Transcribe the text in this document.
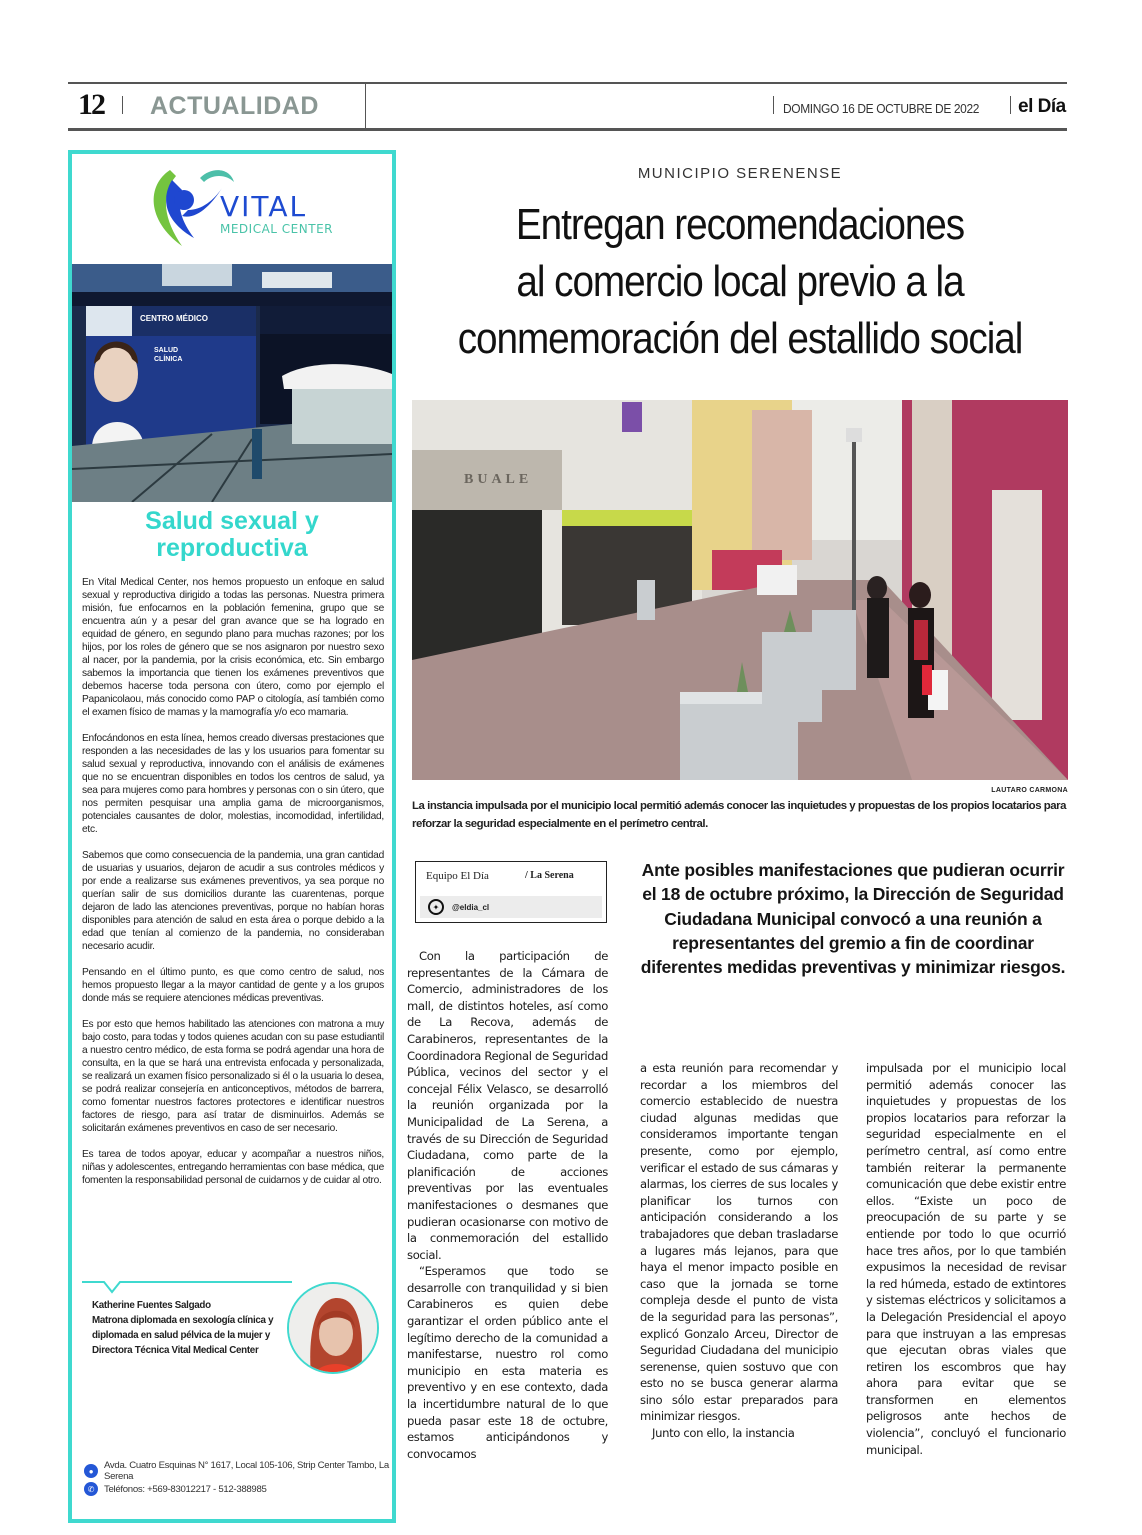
12 ACTUALIDAD	DOMINGO 16 DE OCTUBRE DE 2022 el Día
VITAL
MEDICAL CENTER
CENTRO MÉDICO
SALUD CLÍNICA
Salud sexual y
reproductiva

En Vital Medical Center, nos hemos propuesto un enfoque en salud sexual y reproductiva dirigido a todas las personas. Nuestra primera misión, fue enfocarnos en la población femenina, grupo que se encuentra aún y a pesar del gran avance que se ha logrado en equidad de género, en segundo plano para muchas razones; por los hijos, por los roles de género que se nos asignaron por nuestro sexo al nacer, por la pandemia, por la crisis económica, etc. Sin embargo sabemos la importancia que tienen los exámenes preventivos que debemos hacerse toda persona con útero, como por ejemplo el Papanicolaou, más conocido como PAP o citología, así también como el examen físico de mamas y la mamografía y/o eco mamaria.

Enfocándonos en esta línea, hemos creado diversas prestaciones que responden a las necesidades de las y los usuarios para fomentar su salud sexual y reproductiva, innovando con el análisis de exámenes que no se encuentran disponibles en todos los centros de salud, ya sea para mujeres como para hombres y personas con o sin útero, que nos permiten pesquisar una amplia gama de microorganismos, potenciales causantes de dolor, molestias, incomodidad, infertilidad, etc.

Sabemos que como consecuencia de la pandemia, una gran cantidad de usuarias y usuarios, dejaron de acudir a sus controles médicos y por ende a realizarse sus exámenes preventivos, ya sea porque no querían salir de sus domicilios durante las cuarentenas, porque dejaron de lado las atenciones preventivas, porque no habían horas disponibles para atención de salud en esta área o porque debido a la edad que tenían al comienzo de la pandemia, no consideraban necesario acudir.

Pensando en el último punto, es que como centro de salud, nos hemos propuesto llegar a la mayor cantidad de gente y a los grupos donde más se requiere atenciones médicas preventivas.

Es por esto que hemos habilitado las atenciones con matrona a muy bajo costo, para todas y todos quienes acudan con su pase estudiantil a nuestro centro médico, de esta forma se podrá agendar una hora de consulta, en la que se hará una entrevista enfocada y personalizada, se realizará un examen físico personalizado si él o la usuaria lo desea, se podrá realizar consejería en anticonceptivos, métodos de barrera, como fomentar nuestros factores protectores e identificar nuestros factores de riesgo, para así tratar de disminuirlos. Además se solicitarán exámenes preventivos en caso de ser necesario.

Es tarea de todos apoyar, educar y acompañar a nuestros niños, niñas y adolescentes, entregando herramientas con base médica, que fomenten la responsabilidad personal de cuidarnos y de cuidar al otro.

Katherine Fuentes Salgado
Matrona diplomada en sexología clínica y
diplomada en salud pélvica de la mujer y
Directora Técnica Vital Medical Center
●	Avda. Cuatro Esquinas N° 1617, Local 105-106, Strip Center Tambo, La Serena
✆	Teléfonos: +569-83012217 - 512-388985
MUNICIPIO SERENENSE
Entregan recomendaciones
al comercio local previo a la
conmemoración del estallido social
BUALE
LAUTARO CARMONA
La instancia impulsada por el municipio local permitió además conocer las inquietudes y propuestas de los propios locatarios para reforzar la seguridad especialmente en el perímetro central.
Equipo El Día	/ La Serena
✦	@eldia_cl
Ante posibles manifestaciones que pudieran ocurrir el 18 de octubre próximo, la Dirección de Seguridad Ciudadana Municipal convocó a una reunión a representantes del gremio a fin de coordinar diferentes medidas preventivas y minimizar riesgos.

Con la participación de representantes de la Cámara de Comercio, administradores de los mall, de distintos hoteles, así como de La Recova, además de Carabineros, representantes de la Coordinadora Regional de Seguridad Pública, vecinos del sector y el concejal Félix Velasco, se desarrolló la reunión organizada por la Municipalidad de La Serena, a través de su Dirección de Seguridad Ciudadana, como parte de la planificación de acciones preventivas por las eventuales manifestaciones o desmanes que pudieran ocasionarse con motivo de la conmemoración del estallido social.

“Esperamos que todo se desarrolle con tranquilidad y si bien Carabineros es quien debe garantizar el orden público ante el legítimo derecho de la comunidad a manifestarse, nuestro rol como municipio en esta materia es preventivo y en ese contexto, dada la incertidumbre natural de lo que pueda pasar este 18 de octubre, estamos anticipándonos y convocamos

a esta reunión para recomendar y recordar a los miembros del comercio establecido de nuestra ciudad algunas medidas que consideramos importante tengan presente, como por ejemplo, verificar el estado de sus cámaras y alarmas, los cierres de sus locales y planificar los turnos con anticipación considerando a los trabajadores que deban trasladarse a lugares más lejanos, para que haya el menor impacto posible en caso que la jornada se torne compleja desde el punto de vista de la seguridad para las personas”, explicó Gonzalo Arceu, Director de Seguridad Ciudadana del municipio serenense, quien sostuvo que con esto no se busca generar alarma sino sólo estar preparados para minimizar riesgos.

Junto con ello, la instancia

impulsada por el municipio local permitió además conocer las inquietudes y propuestas de los propios locatarios para reforzar la seguridad especialmente en el perímetro central, así como entre también reiterar la permanente comunicación que debe existir entre ellos. “Existe un poco de preocupación de su parte y se entiende por todo lo que ocurrió hace tres años, por lo que también expusimos la necesidad de revisar la red húmeda, estado de extintores y sistemas eléctricos y solicitamos a la Delegación Presidencial el apoyo para que instruyan a las empresas que ejecutan obras viales que retiren los escombros que hay ahora para evitar que se transformen en elementos peligrosos ante hechos de violencia”, concluyó el funcionario municipal.
